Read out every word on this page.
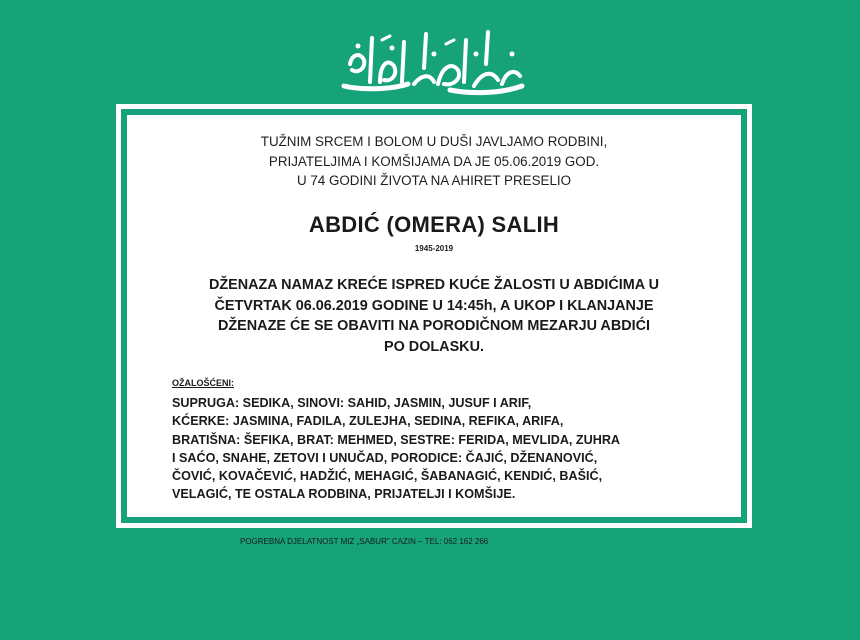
TUŽNIM SRCEM I BOLOM U DUŠI JAVLJAMO RODBINI,
PRIJATELJIMA I KOMŠIJAMA DA JE 05.06.2019 GOD.
U 74 GODINI ŽIVOTA NA AHIRET PRESELIO
ABDIĆ (OMERA) SALIH
1945-2019
DŽENAZA NAMAZ KREĆE ISPRED KUĆE ŽALOSTI U ABDIĆIMA U
ČETVRTAK 06.06.2019 GODINE U 14:45h, A UKOP I KLANJANJE
DŽENAZE ĆE SE OBAVITI NA PORODIČNOM MEZARJU ABDIĆI
PO DOLASKU.
OŽALOŠĆENI:
SUPRUGA: SEDIKA, SINOVI: SAHID, JASMIN, JUSUF I ARIF,
KĆERKE: JASMINA, FADILA, ZULEJHA, SEDINA, REFIKA, ARIFA,
BRATIŠNA: ŠEFIKA, BRAT: MEHMED, SESTRE: FERIDA, MEVLIDA, ZUHRA
I SAĆO, SNAHE, ZETOVI I UNUČAD, PORODICE: ČAJIĆ, DŽENANOVIĆ,
ČOVIĆ, KOVAČEVIĆ, HADŽIĆ, MEHAGIĆ, ŠABANAGIĆ, KENDIĆ, BAŠIĆ,
VELAGIĆ, TE OSTALA RODBINA, PRIJATELJI I KOMŠIJE.
POGREBNA DJELATNOST MIZ „SABUR" CAZIN – TEL: 062 162 266
